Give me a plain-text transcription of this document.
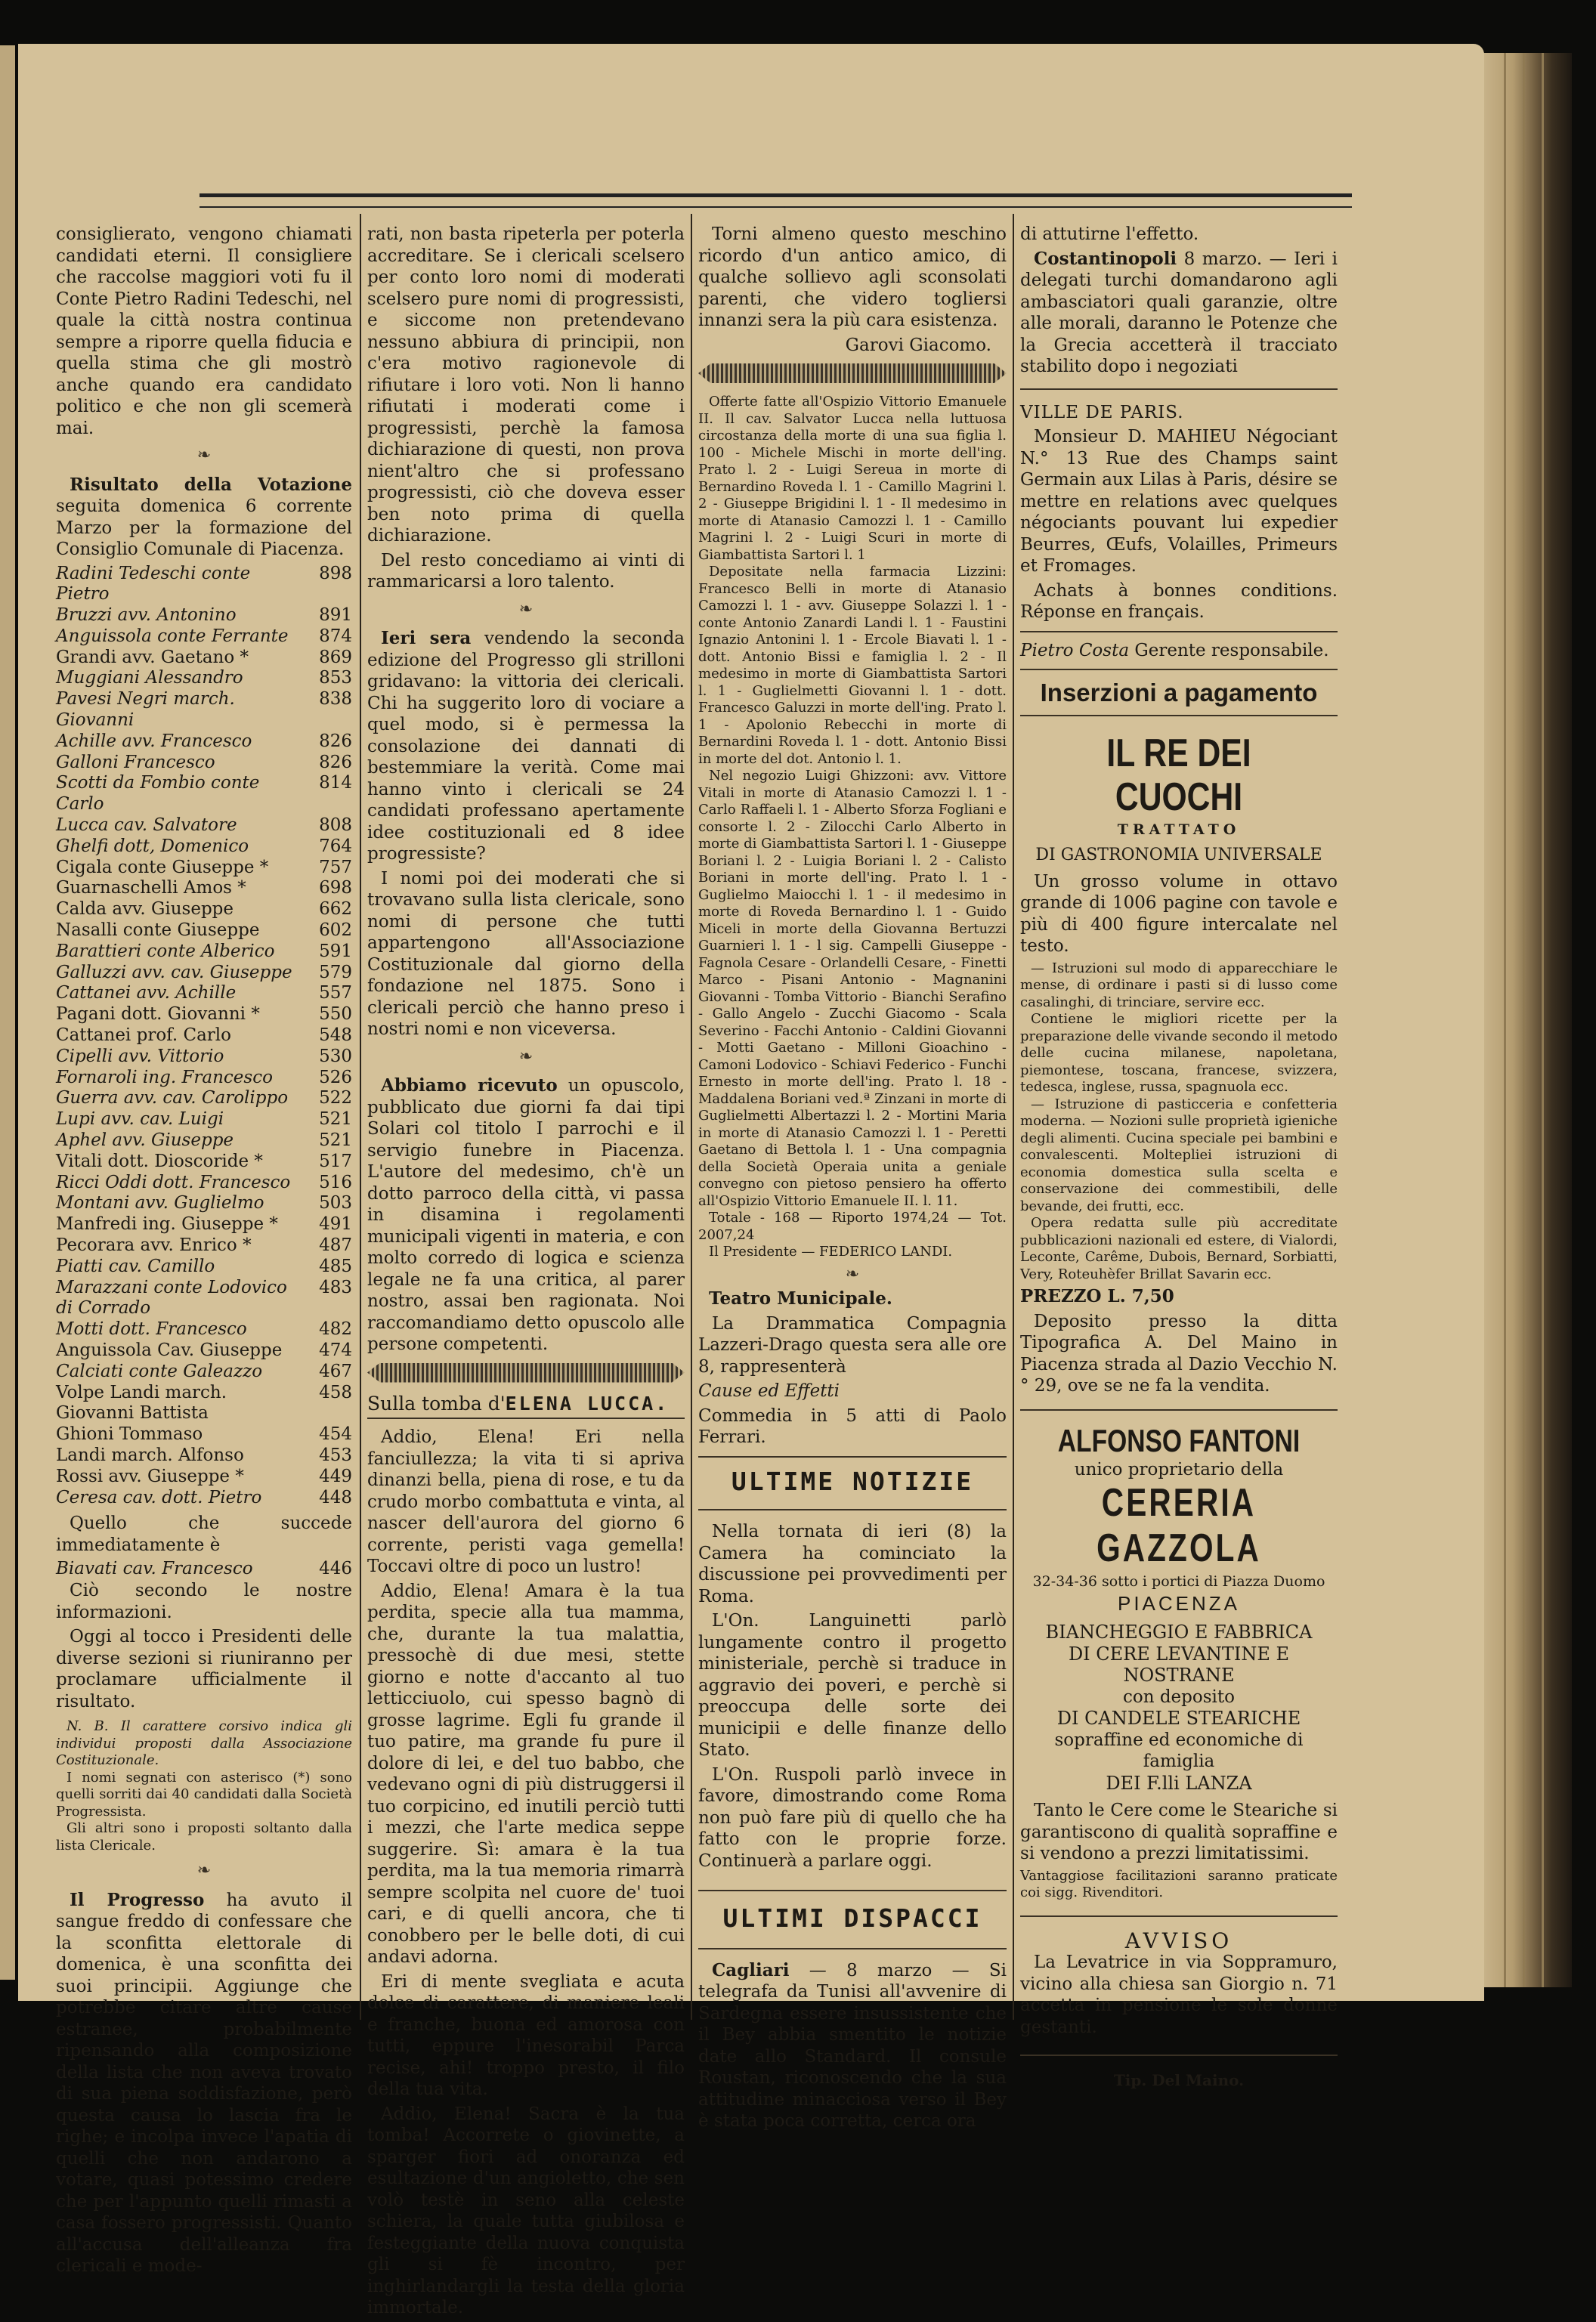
consiglierato, vengono chiamati candidati eterni. Il consigliere che raccolse maggiori voti fu il Conte Pietro Radini Tedeschi, nel quale la città nostra continua sempre a riporre quella fiducia e quella stima che gli mostrò anche quando era candidato politico e che non gli scemerà mai.

❧

Risultato della Votazione seguita domenica 6 corrente Marzo per la formazione del Consiglio Comunale di Piacenza.

Radini Tedeschi conte Pietro	898
Bruzzi avv. Antonino	891
Anguissola conte Ferrante	874
Grandi avv. Gaetano *	869
Muggiani Alessandro	853
Pavesi Negri march. Giovanni	838
Achille avv. Francesco	826
Galloni Francesco	826
Scotti da Fombio conte Carlo	814
Lucca cav. Salvatore	808
Ghelfi dott, Domenico	764
Cigala conte Giuseppe *	757
Guarnaschelli Amos *	698
Calda avv. Giuseppe	662
Nasalli conte Giuseppe	602
Barattieri conte Alberico	591
Galluzzi avv. cav. Giuseppe	579
Cattanei avv. Achille	557
Pagani dott. Giovanni *	550
Cattanei prof. Carlo	548
Cipelli avv. Vittorio	530
Fornaroli ing. Francesco	526
Guerra avv. cav. Carolippo	522
Lupi avv. cav. Luigi	521
Aphel avv. Giuseppe	521
Vitali dott. Dioscoride *	517
Ricci Oddi dott. Francesco	516
Montani avv. Guglielmo	503
Manfredi ing. Giuseppe *	491
Pecorara avv. Enrico *	487
Piatti cav. Camillo	485
Marazzani conte Lodovico di Corrado	483
Motti dott. Francesco	482
Anguissola Cav. Giuseppe	474
Calciati conte Galeazzo	467
Volpe Landi march. Giovanni Battista	458
Ghioni Tommaso	454
Landi march. Alfonso	453
Rossi avv. Giuseppe *	449
Ceresa cav. dott. Pietro	448

Quello che succede immediatamente è

Biavati cav. Francesco	446

Ciò secondo le nostre informazioni.

Oggi al tocco i Presidenti delle diverse sezioni si riuniranno per proclamare ufficialmente il risultato.

N. B. Il carattere corsivo indica gli individui proposti dalla Associazione Costituzionale.

I nomi segnati con asterisco (*) sono quelli sorriti dai 40 candidati dalla Società Progressista.

Gli altri sono i proposti soltanto dalla lista Clericale.

❧

Il Progresso ha avuto il sangue freddo di confessare che la sconfitta elettorale di domenica, è una sconfitta dei suoi principii. Aggiunge che potrebbe citare altre cause estranee, probabilmente ripensando alla composizione della lista che non aveva trovato di sua piena soddisfazione, però questa causa lo lascia fra le righe; e incolpa invece l'apatia di quelli che non andarono a votare, quasi potessimo credere che per l'appunto quelli rimasti a casa fossero progressisti. Quanto all'accusa dell'alleanza fra clericali e mode-

rati, non basta ripeterla per poterla accreditare. Se i clericali scelsero per conto loro nomi di moderati scelsero pure nomi di progressisti, e siccome non pretendevano nessuno abbiura di principii, non c'era motivo ragionevole di rifiutare i loro voti. Non li hanno rifiutati i moderati come i progressisti, perchè la famosa dichiarazione di questi, non prova nient'altro che si professano progressisti, ciò che doveva esser ben noto prima di quella dichiarazione.

Del resto concediamo ai vinti di rammaricarsi a loro talento.

❧

Ieri sera vendendo la seconda edizione del Progresso gli strilloni gridavano: la vittoria dei clericali. Chi ha suggerito loro di vociare a quel modo, si è permessa la consolazione dei dannati di bestemmiare la verità. Come mai hanno vinto i clericali se 24 candidati professano apertamente idee costituzionali ed 8 idee progressiste?

I nomi poi dei moderati che si trovavano sulla lista clericale, sono nomi di persone che tutti appartengono all'Associazione Costituzionale dal giorno della fondazione nel 1875. Sono i clericali perciò che hanno preso i nostri nomi e non viceversa.

❧

Abbiamo ricevuto un opuscolo, pubblicato due giorni fa dai tipi Solari col titolo I parrochi e il servigio funebre in Piacenza. L'autore del medesimo, ch'è un dotto parroco della città, vi passa in disamina i regolamenti municipali vigenti in materia, e con molto corredo di logica e scienza legale ne fa una critica, al parer nostro, assai ben ragionata. Noi raccomandiamo detto opuscolo alle persone competenti.

Sulla tomba d'ELENA LUCCA.

Addio, Elena! Eri nella fanciullezza; la vita ti si apriva dinanzi bella, piena di rose, e tu da crudo morbo combattuta e vinta, al nascer dell'aurora del giorno 6 corrente, peristi vaga gemella! Toccavi oltre di poco un lustro!

Addio, Elena! Amara è la tua perdita, specie alla tua mamma, che, durante la tua malattia, pressochè di due mesi, stette giorno e notte d'accanto al tuo letticciuolo, cui spesso bagnò di grosse lagrime. Egli fu grande il tuo patire, ma grande fu pure il dolore di lei, e del tuo babbo, che vedevano ogni di più distruggersi il tuo corpicino, ed inutili perciò tutti i mezzi, che l'arte medica seppe suggerire. Sì: amara è la tua perdita, ma la tua memoria rimarrà sempre scolpita nel cuore de' tuoi cari, e di quelli ancora, che ti conobbero per le belle doti, di cui andavi adorna.

Eri di mente svegliata e acuta dolce di carattere, di maniere leali e franche, buona ed amorosa con tutti, eppure l'inesorabil Parca recise, ahi! troppo presto, il filo della tua vita.

Addio, Elena! Sacra è la tua tomba! Accorrete o giovinette, a sparger fiori ad onoranza ed esultazione d'un angioletto, che sen volò testè in seno alla celeste schiera, la quale tutta giubilosa e festeggiante della nuova conquista gli si fè incontro, per inghirlandargli la testa della gloria immortale.

Torni almeno questo meschino ricordo d'un antico amico, di qualche sollievo agli sconsolati parenti, che videro togliersi innanzi sera la più cara esistenza.

Garovi Giacomo.

Offerte fatte all'Ospizio Vittorio Emanuele II. Il cav. Salvator Lucca nella luttuosa circostanza della morte di una sua figlia l. 100 - Michele Mischi in morte dell'ing. Prato l. 2 - Luigi Sereua in morte di Bernardino Roveda l. 1 - Camillo Magrini l. 2 - Giuseppe Brigidini l. 1 - Il medesimo in morte di Atanasio Camozzi l. 1 - Camillo Magrini l. 2 - Luigi Scuri in morte di Giambattista Sartori l. 1

Depositate nella farmacia Lizzini: Francesco Belli in morte di Atanasio Camozzi l. 1 - avv. Giuseppe Solazzi l. 1 - conte Antonio Zanardi Landi l. 1 - Faustini Ignazio Antonini l. 1 - Ercole Biavati l. 1 - dott. Antonio Bissi e famiglia l. 2 - Il medesimo in morte di Giambattista Sartori l. 1 - Guglielmetti Giovanni l. 1 - dott. Francesco Galuzzi in morte dell'ing. Prato l. 1 - Apolonio Rebecchi in morte di Bernardini Roveda l. 1 - dott. Antonio Bissi in morte del dot. Antonio l. 1.

Nel negozio Luigi Ghizzoni: avv. Vittore Vitali in morte di Atanasio Camozzi l. 1 - Carlo Raffaeli l. 1 - Alberto Sforza Fogliani e consorte l. 2 - Zilocchi Carlo Alberto in morte di Giambattista Sartori l. 1 - Giuseppe Boriani l. 2 - Luigia Boriani l. 2 - Calisto Boriani in morte dell'ing. Prato l. 1 - Guglielmo Maiocchi l. 1 - il medesimo in morte di Roveda Bernardino l. 1 - Guido Miceli in morte della Giovanna Bertuzzi Guarnieri l. 1 - l sig. Campelli Giuseppe - Fagnola Cesare - Orlandelli Cesare, - Finetti Marco - Pisani Antonio - Magnanini Giovanni - Tomba Vittorio - Bianchi Serafino - Gallo Angelo - Zucchi Giacomo - Scala Severino - Facchi Antonio - Caldini Giovanni - Motti Gaetano - Milloni Gioachino - Camoni Lodovico - Schiavi Federico - Funchi Ernesto in morte dell'ing. Prato l. 18 - Maddalena Boriani ved.ª Zinzani in morte di Guglielmetti Albertazzi l. 2 - Mortini Maria in morte di Atanasio Camozzi l. 1 - Peretti Gaetano di Bettola l. 1 - Una compagnia della Società Operaia unita a geniale convegno con pietoso pensiero ha offerto all'Ospizio Vittorio Emanuele II. l. 11.

Totale - 168 — Riporto 1974,24 — Tot. 2007,24

Il Presidente — FEDERICO LANDI.

❧

Teatro Municipale.

La Drammatica Compagnia Lazzeri-Drago questa sera alle ore 8, rappresenterà

Cause ed Effetti

Commedia in 5 atti di Paolo Ferrari.

ULTIME NOTIZIE

Nella tornata di ieri (8) la Camera ha cominciato la discussione pei provvedimenti per Roma.

L'On. Languinetti parlò lungamente contro il progetto ministeriale, perchè si traduce in aggravio dei poveri, e perchè si preoccupa delle sorte dei municipii e delle finanze dello Stato.

L'On. Ruspoli parlò invece in favore, dimostrando come Roma non può fare più di quello che ha fatto con le proprie forze. Continuerà a parlare oggi.

ULTIMI DISPACCI

Cagliari — 8 marzo — Si telegrafa da Tunisi all'avvenire di Sardegna essere insussistente che il Bey abbia smentito le notizie date allo Standard. Il consule Roustan, riconoscendo che la sua attitudine minacciosa verso il Bey è stata poca corretta, cerca ora

di attutirne l'effetto.

Costantinopoli 8 marzo. — Ieri i delegati turchi domandarono agli ambasciatori quali garanzie, oltre alle morali, daranno le Potenze che la Grecia accetterà il tracciato stabilito dopo i negoziati

VILLE DE PARIS.

Monsieur D. MAHIEU Négociant N.° 13 Rue des Champs saint Germain aux Lilas à Paris, désire se mettre en relations avec quelques négociants pouvant lui expedier Beurres, Œufs, Volailles, Primeurs et Fromages.

Achats à bonnes conditions. Réponse en français.

Pietro Costa Gerente responsabile.

Inserzioni a pagamento
IL RE DEI CUOCHI
TRATTATO
DI GASTRONOMIA UNIVERSALE

Un grosso volume in ottavo grande di 1006 pagine con tavole e più di 400 figure intercalate nel testo.

— Istruzioni sul modo di apparecchiare le mense, di ordinare i pasti si di lusso come casalinghi, di trinciare, servire ecc.

Contiene le migliori ricette per la preparazione delle vivande secondo il metodo delle cucina milanese, napoletana, piemontese, toscana, francese, svizzera, tedesca, inglese, russa, spagnuola ecc.

— Istruzione di pasticceria e confetteria moderna. — Nozioni sulle proprietà igieniche degli alimenti. Cucina speciale pei bambini e convalescenti. Moltepliei istruzioni di economia domestica sulla scelta e conservazione dei commestibili, delle bevande, dei frutti, ecc.

Opera redatta sulle più accreditate pubblicazioni nazionali ed estere, di Vialordi, Leconte, Carême, Dubois, Bernard, Sorbiatti, Very, Roteuhèfer Brillat Savarin ecc.

PREZZO L. 7,50

Deposito presso la ditta Tipografica A. Del Maino in Piacenza strada al Dazio Vecchio N.° 29, ove se ne fa la vendita.

ALFONSO FANTONI
unico proprietario della
CERERIA GAZZOLA
32-34-36 sotto i portici di Piazza Duomo
PIACENZA
BIANCHEGGIO E FABBRICA
DI CERE LEVANTINE E NOSTRANE
con deposito
DI CANDELE STEARICHE
sopraffine ed economiche di famiglia
DEI F.lli LANZA

Tanto le Cere come le Steariche si garantiscono di qualità sopraffine e si vendono a prezzi limitatissimi.

Vantaggiose facilitazioni saranno praticate coi sigg. Rivenditori.

AVVISO

La Levatrice in via Soppramuro, vicino alla chiesa san Giorgio n. 71 accetta in pensione le sole donne gestanti.

Tip. Del Maino.
